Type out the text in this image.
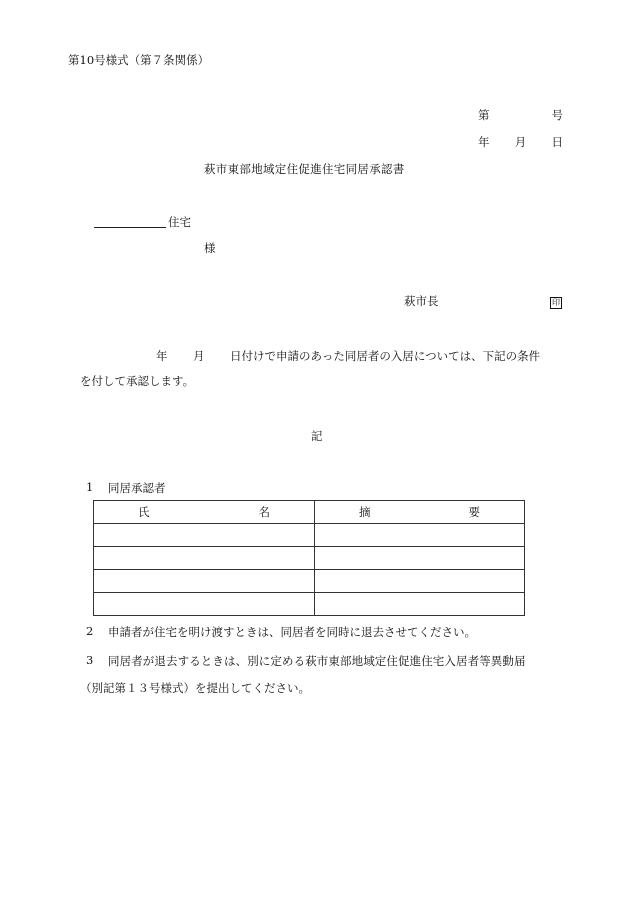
第10号様式（第７条関係）
第	号
年 月 日
萩市東部地域定住促進住宅同居承認書
住宅
様
萩市長	印
年 月 日付けで申請のあった同居者の入居については、下記の条件
を付して承認します。
記
1 同居承認者
氏 名	摘 要

2 申請者が住宅を明け渡すときは、同居者を同時に退去させてください。
3 同居者が退去するときは、別に定める萩市東部地域定住促進住宅入居者等異動届
（別記第１３号様式）を提出してください。
